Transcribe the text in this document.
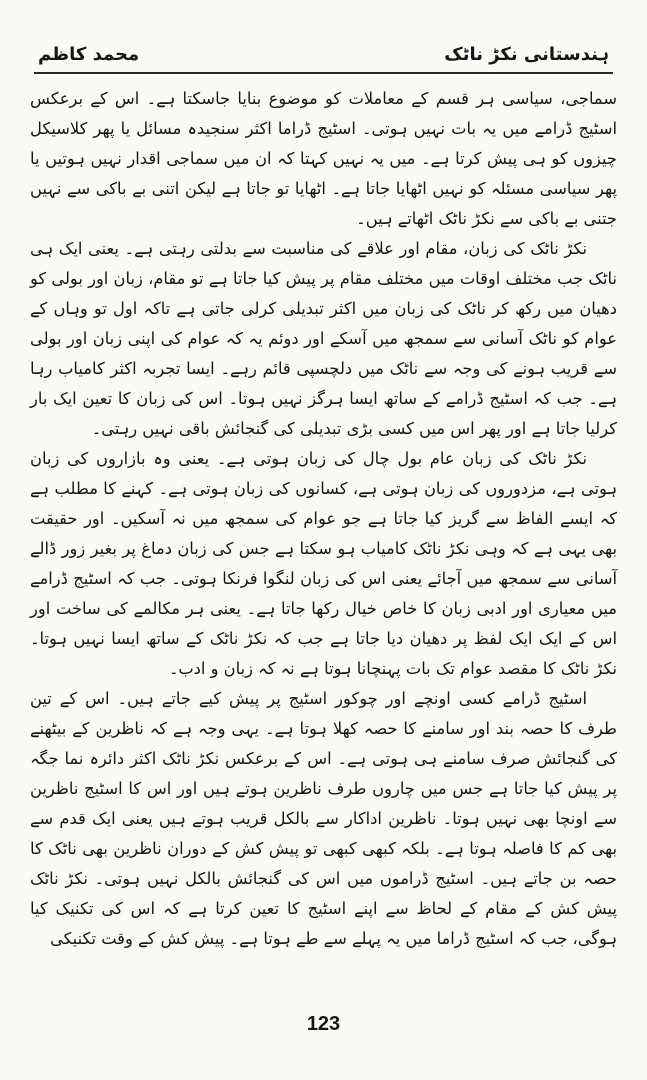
محمد کاظم	ہندستانی نکڑ ناٹک

سماجی، سیاسی ہر قسم کے معاملات کو موضوع بنایا جاسکتا ہے۔ اس کے برعکس اسٹیج ڈرامے میں یہ بات نہیں ہوتی۔ اسٹیج ڈراما اکثر سنجیدہ مسائل یا پھر کلاسیکل چیزوں کو ہی پیش کرتا ہے۔ میں یہ نہیں کہتا کہ ان میں سماجی اقدار نہیں ہوتیں یا پھر سیاسی مسئلہ کو نہیں اٹھایا جاتا ہے۔ اٹھایا تو جاتا ہے لیکن اتنی بے باکی سے نہیں جتنی بے باکی سے نکڑ ناٹک اٹھاتے ہیں۔

نکڑ ناٹک کی زبان، مقام اور علاقے کی مناسبت سے بدلتی رہتی ہے۔ یعنی ایک ہی ناٹک جب مختلف اوقات میں مختلف مقام پر پیش کیا جاتا ہے تو مقام، زبان اور بولی کو دھیان میں رکھ کر ناٹک کی زبان میں اکثر تبدیلی کرلی جاتی ہے تاکہ اول تو وہاں کے عوام کو ناٹک آسانی سے سمجھ میں آسکے اور دوئم یہ کہ عوام کی اپنی زبان اور بولی سے قریب ہونے کی وجہ سے ناٹک میں دلچسپی قائم رہے۔ ایسا تجربہ اکثر کامیاب رہا ہے۔ جب کہ اسٹیج ڈرامے کے ساتھ ایسا ہرگز نہیں ہوتا۔ اس کی زبان کا تعین ایک بار کرلیا جاتا ہے اور پھر اس میں کسی بڑی تبدیلی کی گنجائش باقی نہیں رہتی۔

نکڑ ناٹک کی زبان عام بول چال کی زبان ہوتی ہے۔ یعنی وہ بازاروں کی زبان ہوتی ہے، مزدوروں کی زبان ہوتی ہے، کسانوں کی زبان ہوتی ہے۔ کہنے کا مطلب ہے کہ ایسے الفاظ سے گریز کیا جاتا ہے جو عوام کی سمجھ میں نہ آسکیں۔ اور حقیقت بھی یہی ہے کہ وہی نکڑ ناٹک کامیاب ہو سکتا ہے جس کی زبان دماغ پر بغیر زور ڈالے آسانی سے سمجھ میں آجائے یعنی اس کی زبان لنگوا فرنکا ہوتی۔ جب کہ اسٹیج ڈرامے میں معیاری اور ادبی زبان کا خاص خیال رکھا جاتا ہے۔ یعنی ہر مکالمے کی ساخت اور اس کے ایک ایک لفظ پر دھیان دیا جاتا ہے جب کہ نکڑ ناٹک کے ساتھ ایسا نہیں ہوتا۔ نکڑ ناٹک کا مقصد عوام تک بات پہنچانا ہوتا ہے نہ کہ زبان و ادب۔

اسٹیج ڈرامے کسی اونچے اور چوکور اسٹیج پر پیش کیے جاتے ہیں۔ اس کے تین طرف کا حصہ بند اور سامنے کا حصہ کھلا ہوتا ہے۔ یہی وجہ ہے کہ ناظرین کے بیٹھنے کی گنجائش صرف سامنے ہی ہوتی ہے۔ اس کے برعکس نکڑ ناٹک اکثر دائرہ نما جگہ پر پیش کیا جاتا ہے جس میں چاروں طرف ناظرین ہوتے ہیں اور اس کا اسٹیج ناظرین سے اونچا بھی نہیں ہوتا۔ ناظرین اداکار سے بالکل قریب ہوتے ہیں یعنی ایک قدم سے بھی کم کا فاصلہ ہوتا ہے۔ بلکہ کبھی کبھی تو پیش کش کے دوران ناظرین بھی ناٹک کا حصہ بن جاتے ہیں۔ اسٹیج ڈراموں میں اس کی گنجائش بالکل نہیں ہوتی۔ نکڑ ناٹک پیش کش کے مقام کے لحاظ سے اپنے اسٹیج کا تعین کرتا ہے کہ اس کی تکنیک کیا ہوگی، جب کہ اسٹیج ڈراما میں یہ پہلے سے طے ہوتا ہے۔ پیش کش کے وقت تکنیکی

123
